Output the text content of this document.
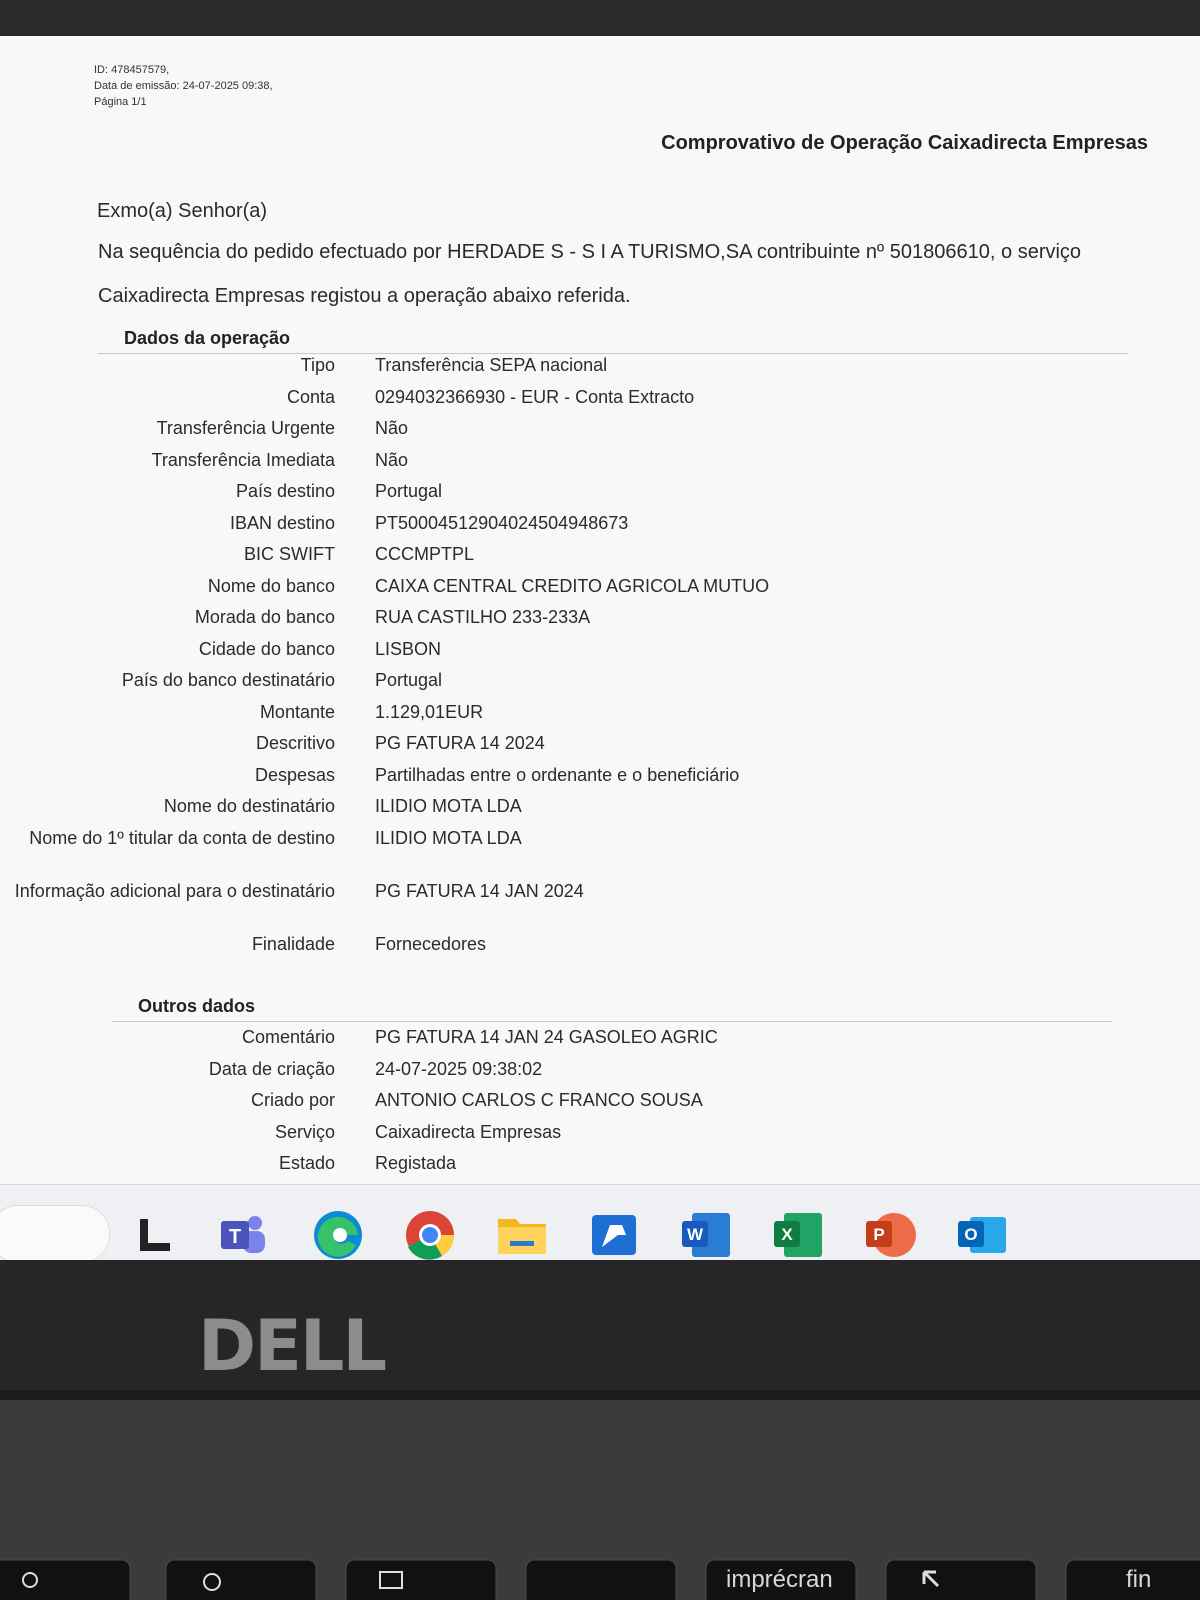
ID: 478457579,
Data de emissão: 24-07-2025 09:38,
Página 1/1
Comprovativo de Operação Caixadirecta Empresas
Exmo(a) Senhor(a)
Na sequência do pedido efectuado por HERDADE S - S I A TURISMO,SA contribuinte nº 501806610, o serviço Caixadirecta Empresas registou a operação abaixo referida.
Dados da operação
Tipo	Transferência SEPA nacional
Conta	0294032366930 - EUR - Conta Extracto
Transferência Urgente	Não
Transferência Imediata	Não
País destino	Portugal
IBAN destino	PT50004512904024504948673
BIC SWIFT	CCCMPTPL
Nome do banco	CAIXA CENTRAL CREDITO AGRICOLA MUTUO
Morada do banco	RUA CASTILHO 233-233A
Cidade do banco	LISBON
País do banco destinatário	Portugal
Montante	1.129,01EUR
Descritivo	PG FATURA 14 2024
Despesas	Partilhadas entre o ordenante e o beneficiário
Nome do destinatário	ILIDIO MOTA LDA
Nome do 1º titular da conta de destino	ILIDIO MOTA LDA
Informação adicional para o destinatário	PG FATURA 14 JAN 2024
Finalidade	Fornecedores
Outros dados
Comentário	PG FATURA 14 JAN 24 GASOLEO AGRIC
Data de criação	24-07-2025 09:38:02
Criado por	ANTONIO CARLOS C FRANCO SOUSA
Serviço	Caixadirecta Empresas
Estado	Registada
T	W	X	P	O
DELL
imprécran	fin
